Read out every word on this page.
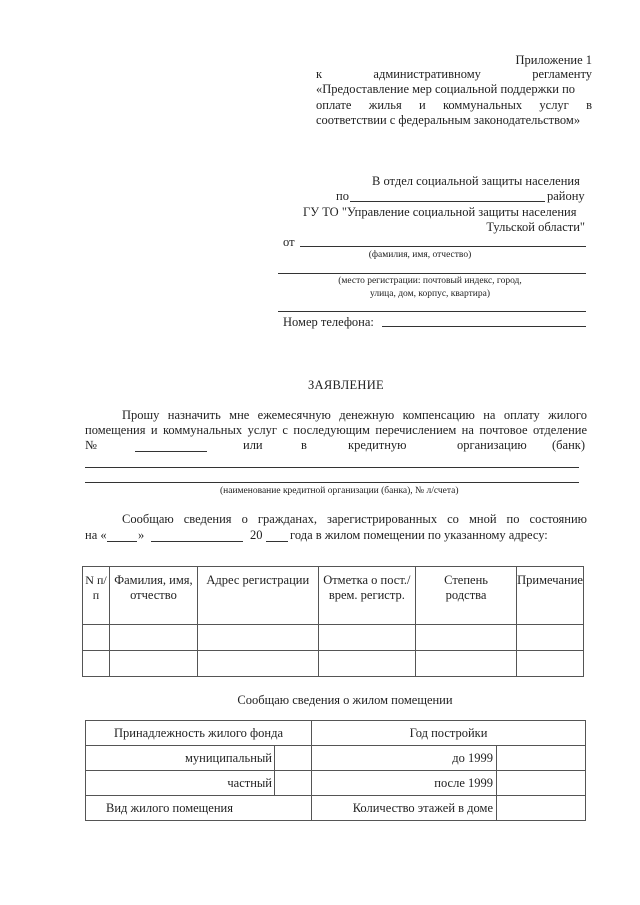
Приложение 1
к	административному	регламенту
«Предоставление мер социальной поддержки по
оплате жилья и коммунальных услуг в
соответствии с федеральным законодательством»
В отдел социальной защиты населения
по	району
ГУ ТО "Управление социальной защиты населения
Тульской области"
от
(фамилия, имя, отчество)
(место регистрации: почтовый индекс, город,
улица, дом, корпус, квартира)
Номер телефона:
ЗАЯВЛЕНИЕ
Прошу назначить мне ежемесячную денежную компенсацию на оплату жилого
помещения и коммунальных услуг с последующим перечислением на почтовое отделение
№	или	в	кредитную	организацию (банк)
(наименование кредитной организации (банка), № л/счета)
Сообщаю сведения о гражданах, зарегистрированных со мной по состоянию
на «	»	20 года в жилом помещении по указанному адресу:
N п/п	Фамилия, имя, отчество	Адрес регистрации	Отметка о пост./врем. регистр.	Степень родства	Примечание

Сообщаю сведения о жилом помещении
Принадлежность жилого фонда		Год постройки	
муниципальный		до 1999	
частный		после 1999	
Вид жилого помещения		Количество этажей в доме	
